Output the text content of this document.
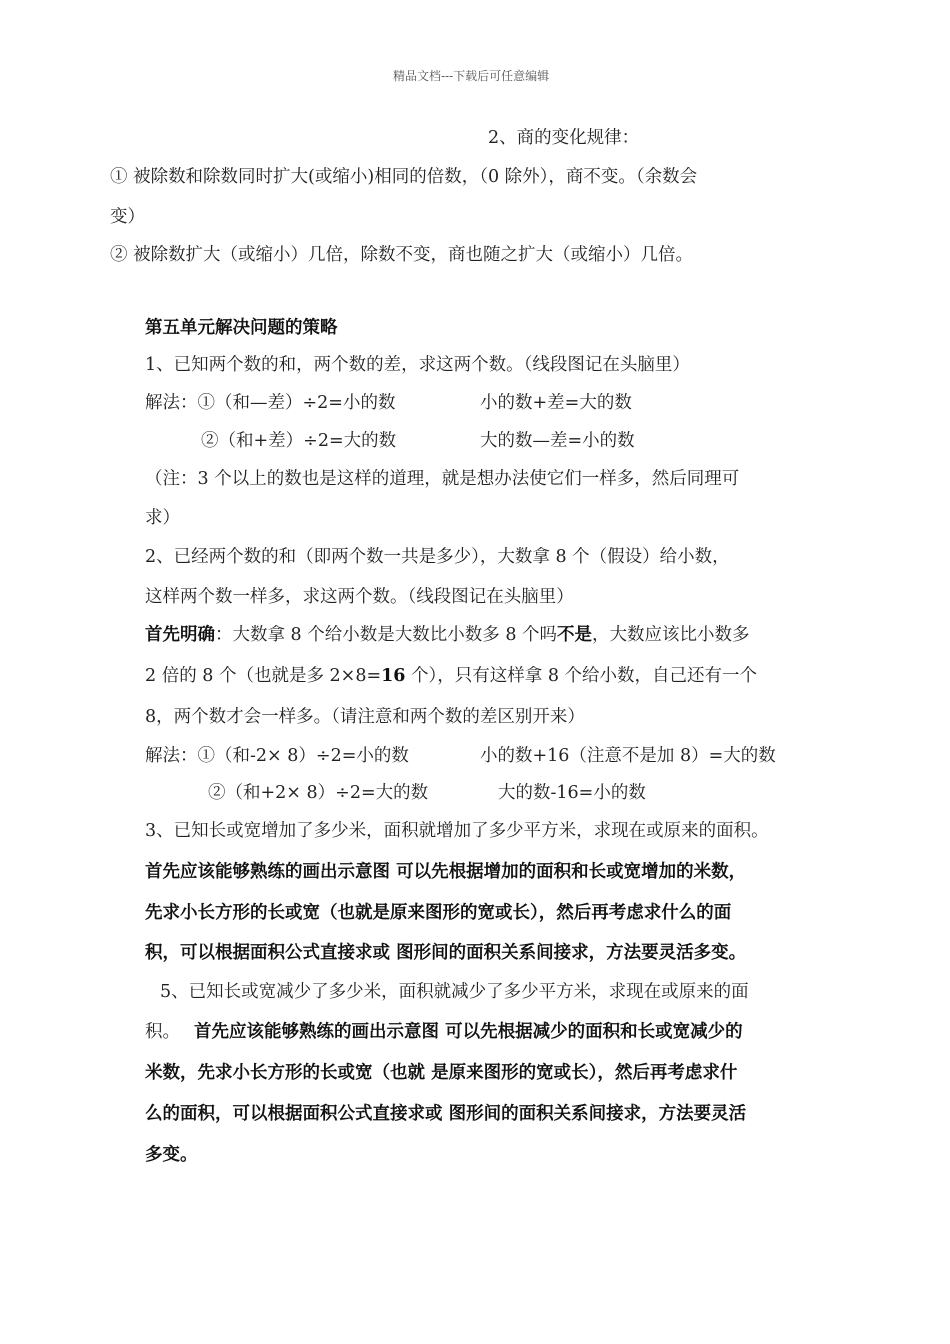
精品文档---下载后可任意编辑
2、商的变化规律：
① 被除数和除数同时扩大(或缩小)相同的倍数，（0 除外），商不变。（余数会
变）
② 被除数扩大（或缩小）几倍，除数不变，商也随之扩大（或缩小）几倍。
第五单元解决问题的策略
1、已知两个数的和，两个数的差，求这两个数。（线段图记在头脑里）
解法：①（和—差）÷2=小的数	小的数+差=大的数
②（和+差）÷2=大的数	大的数—差=小的数
（注：3 个以上的数也是这样的道理，就是想办法使它们一样多，然后同理可
求）
2、已经两个数的和（即两个数一共是多少），大数拿 8 个（假设）给小数，
这样两个数一样多，求这两个数。（线段图记在头脑里）
首先明确：大数拿 8 个给小数是大数比小数多 8 个吗不是，大数应该比小数多
2 倍的 8 个（也就是多 2×8=16 个），只有这样拿 8 个给小数，自己还有一个
8，两个数才会一样多。（请注意和两个数的差区别开来）
解法：①（和-2× 8）÷2=小的数	小的数+16（注意不是加 8）=大的数
②（和+2× 8）÷2=大的数	大的数-16=小的数
3、已知长或宽增加了多少米，面积就增加了多少平方米，求现在或原来的面积。
首先应该能够熟练的画出示意图 可以先根据增加的面积和长或宽增加的米数，
先求小长方形的长或宽（也就是原来图形的宽或长），然后再考虑求什么的面
积，可以根据面积公式直接求或 图形间的面积关系间接求，方法要灵活多变。
5、已知长或宽减少了多少米，面积就减少了多少平方米，求现在或原来的面
积。 首先应该能够熟练的画出示意图 可以先根据减少的面积和长或宽减少的
米数，先求小长方形的长或宽（也就 是原来图形的宽或长），然后再考虑求什
么的面积，可以根据面积公式直接求或 图形间的面积关系间接求，方法要灵活
多变。
